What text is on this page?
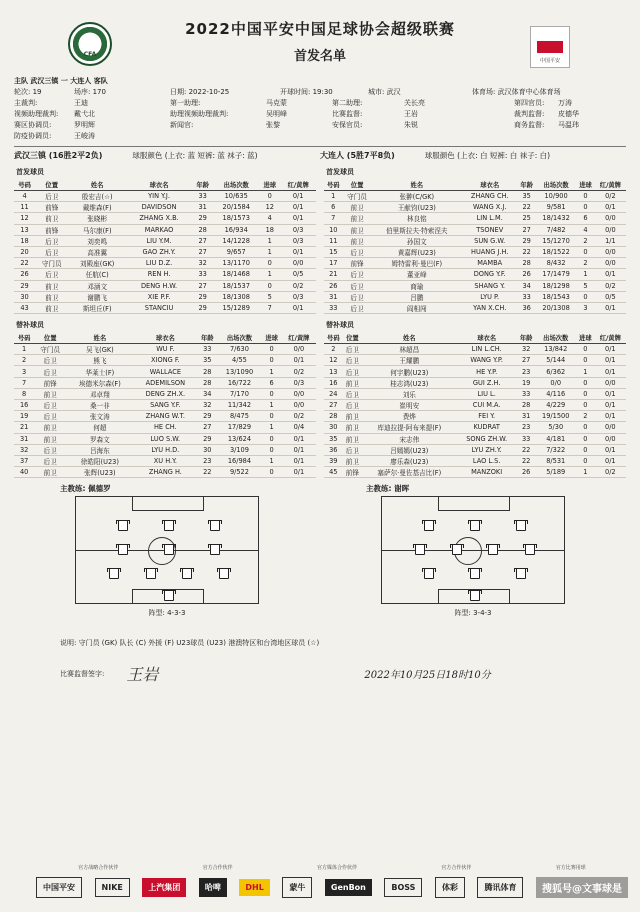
CFA
中国平安
2022中国平安中国足球协会超级联赛
首发名单
主队 武汉三镇 一 大连人 客队
轮次: 19	场序: 170	日期: 2022-10-25	开球时间: 19:30	城市: 武汉	体育场: 武汉体育中心体育场
主裁判:	王迪	第一助理:	马克蒙	第二助理:	关长亮	第四官员:	万涛
视频助理裁判:	戴弋北	助理视频助理裁判:	吴明峰	比赛监督:	王岩	裁判监督:	皮德华
赛区协调员:	罗明辉	新闻官:	张黎	安保官员:	朱锐	商务监督:	马温玮
防疫协调员:	王峻涛
武汉三镇 (16胜2平2负)	球服颜色 (上衣: 蓝 短裤: 蓝 袜子: 蓝)	大连人 (5胜7平8负)	球服颜色 (上衣: 白 短裤: 白 袜子: 白)
首发球员
号码	位置	姓名	球衣名	年龄	出场次数	进球	红/黄牌
4	后卫	殷宏吉(☆)	YIN Y.J.	33	10/635	0	0/1
11	前锋	戴维森(F)	DAVIDSON	31	20/1584	12	0/1
12	前卫	张晓彬	ZHANG X.B.	29	18/1573	4	0/1
13	前锋	马尔康(F)	MARKAO	28	16/934	18	0/3
18	后卫	刘奕鸣	LIU Y.M.	27	14/1228	1	0/3
20	后卫	高准翼	GAO ZH.Y.	27	9/657	1	0/1
22	守门员	刘殿座(GK)	LIU D.Z.	32	13/1170	0	0/0
26	后卫	任航(C)	REN H.	33	18/1468	1	0/5
29	前卫	邓涵文	DENG H.W.	27	18/1537	0	0/2
30	前卫	谢鹏飞	XIE P.F.	29	18/1308	5	0/3
43	前卫	斯坦丘(F)	STANCIU	29	15/1289	7	0/1
替补球员
号码	位置	姓名	球衣名	年龄	出场次数	进球	红/黄牌
1	守门员	吴飞(GK)	WU F.	33	7/630	0	0/0
2	后卫	熊飞	XIONG F.	35	4/55	0	0/1
3	后卫	华莱士(F)	WALLACE	28	13/1090	1	0/2
7	前锋	埃德米尔森(F)	ADEMILSON	28	16/722	6	0/3
8	前卫	邓卓翔	DENG ZH.X.	34	7/170	0	0/0
16	后卫	桑一非	SANG Y.F.	32	11/342	1	0/0
19	后卫	张文涛	ZHANG W.T.	29	8/475	0	0/2
21	前卫	何超	HE CH.	27	17/829	1	0/4
31	前卫	罗森文	LUO S.W.	29	13/624	0	0/1
32	后卫	吕海东	LYU H.D.	30	3/109	0	0/1
37	后卫	徐皓阳(U23)	XU H.Y.	23	16/984	1	0/1
40	前卫	张辉(U23)	ZHANG H.	22	9/522	0	0/1
首发球员
号码	位置	姓名	球衣名	年龄	出场次数	进球	红/黄牌
1	守门员	张翀(C/GK)	ZHANG CH.	35	10/900	0	0/2
6	前卫	王献钧(U23)	WANG X.J.	22	9/581	0	0/1
7	前卫	林良铭	LIN L.M.	25	18/1432	6	0/0
10	前卫	伯里斯拉夫·特索涅夫	TSONEV	27	7/482	4	0/0
11	前卫	孙国文	SUN G.W.	29	15/1270	2	1/1
15	后卫	黄嘉辉(U23)	HUANG J.H.	22	18/1522	0	0/0
17	前锋	姆特雷利·曼巴(F)	MAMBA	28	8/432	2	0/0
21	后卫	董亚峰	DONG Y.F.	26	17/1479	1	0/1
26	后卫	商瑜	SHANG Y.	34	18/1298	5	0/2
31	后卫	吕鹏	LYU P.	33	18/1543	0	0/5
33	后卫	阎相闯	YAN X.CH.	36	20/1308	3	0/1
替补球员
号码	位置	姓名	球衣名	年龄	出场次数	进球	红/黄牌
2	后卫	林超昌	LIN L.CH.	32	13/842	0	0/1
12	后卫	王耀鹏	WANG Y.P.	27	5/144	0	0/1
13	后卫	何宇鹏(U23)	HE Y.P.	23	6/362	1	0/1
16	前卫	桂志鸿(U23)	GUI Z.H.	19	0/0	0	0/0
24	后卫	刘乐	LIU L.	33	4/116	0	0/1
27	后卫	崔明安	CUI M.A.	28	4/229	0	0/1
28	前卫	费烨	FEI Y.	31	19/1500	2	0/1
30	前卫	库迪拉提·阿布来提(F)	KUDRAT	23	5/30	0	0/0
35	前卫	宋志伟	SONG ZH.W.	33	4/181	0	0/0
36	后卫	吕嫣嫣(U23)	LYU ZH.Y.	22	7/322	0	0/1
39	前卫	廖乐森(U23)	LAO L.S.	22	8/531	0	0/1
45	前锋	塞萨尔·曼佐基吉比(F)	MANZOKI	26	5/189	1	0/2
主教练: 佩德罗	主教练: 谢晖
阵型: 4-3-3	阵型: 3-4-3
说明: 守门员 (GK) 队长 (C) 外援 (F) U23球员 (U23) 港澳特区和台湾地区球员 (☆)
比赛监督签字: 王岩	2022年10月25日18时10分
官方战略合作伙伴	官方合作伙伴	官方媒体合作伙伴	官方合作伙伴	官方比赛用球
中国平安	NIKE	上汽集团	哈啤	DHL	蒙牛	GenBon	BOSS	体彩	腾讯体育	搜狐号@文事球是
